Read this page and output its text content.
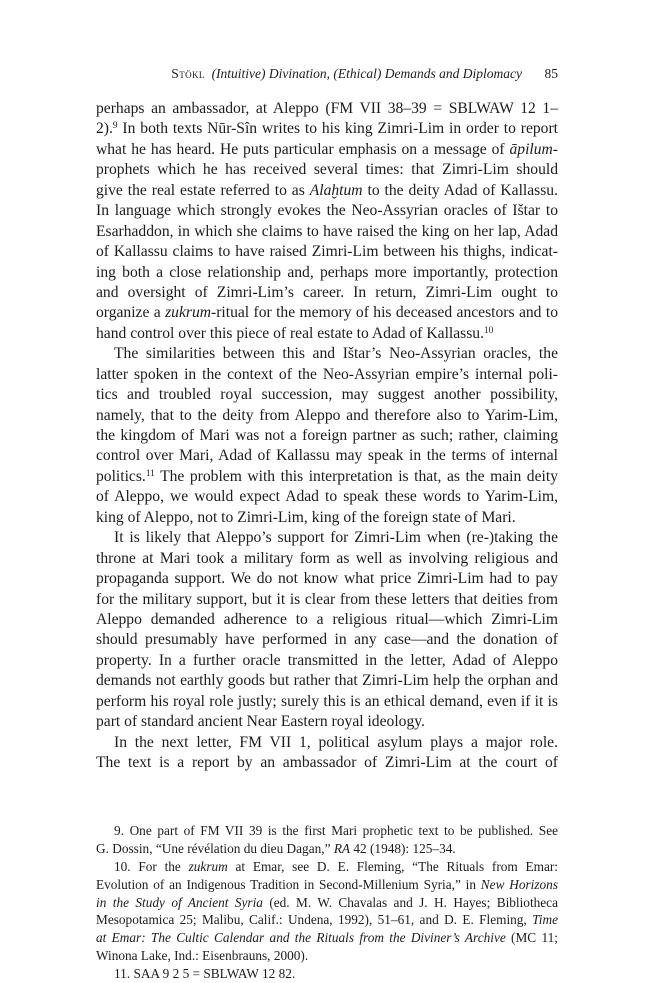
Stökl (Intuitive) Divination, (Ethical) Demands and Diplomacy 85
perhaps an ambassador, at Aleppo (FM VII 38–39 = SBLWAW 12 1–
2).$^9$ In both texts Nūr-Sîn writes to his king Zimri-Lim in order to report
what he has heard. He puts particular emphasis on a message of āpilum-
prophets which he has received several times: that Zimri-Lim should
give the real estate referred to as Alaḫtum to the deity Adad of Kallassu.
In language which strongly evokes the Neo-Assyrian oracles of Ištar to
Esarhaddon, in which she claims to have raised the king on her lap, Adad
of Kallassu claims to have raised Zimri-Lim between his thighs, indicat-
ing both a close relationship and, perhaps more importantly, protection
and oversight of Zimri-Lim’s career. In return, Zimri-Lim ought to
organize a zukrum-ritual for the memory of his deceased ancestors and to
hand control over this piece of real estate to Adad of Kallassu.$^{10}$
The similarities between this and Ištar’s Neo-Assyrian oracles, the
latter spoken in the context of the Neo-Assyrian empire’s internal poli-
tics and troubled royal succession, may suggest another possibility,
namely, that to the deity from Aleppo and therefore also to Yarim-Lim,
the kingdom of Mari was not a foreign partner as such; rather, claiming
control over Mari, Adad of Kallassu may speak in the terms of internal
politics.$^{11}$ The problem with this interpretation is that, as the main deity
of Aleppo, we would expect Adad to speak these words to Yarim-Lim,
king of Aleppo, not to Zimri-Lim, king of the foreign state of Mari.
It is likely that Aleppo’s support for Zimri-Lim when (re-)taking the
throne at Mari took a military form as well as involving religious and
propaganda support. We do not know what price Zimri-Lim had to pay
for the military support, but it is clear from these letters that deities from
Aleppo demanded adherence to a religious ritual—which Zimri-Lim
should presumably have performed in any case—and the donation of
property. In a further oracle transmitted in the letter, Adad of Aleppo
demands not earthly goods but rather that Zimri-Lim help the orphan and
perform his royal role justly; surely this is an ethical demand, even if it is
part of standard ancient Near Eastern royal ideology.
In the next letter, FM VII 1, political asylum plays a major role.
The text is a report by an ambassador of Zimri-Lim at the court of
9. One part of FM VII 39 is the first Mari prophetic text to be published. See
G. Dossin, “Une révélation du dieu Dagan,” RA 42 (1948): 125–34.
10. For the zukrum at Emar, see D. E. Fleming, “The Rituals from Emar:
Evolution of an Indigenous Tradition in Second-Millenium Syria,” in New Horizons
in the Study of Ancient Syria (ed. M. W. Chavalas and J. H. Hayes; Bibliotheca
Mesopotamica 25; Malibu, Calif.: Undena, 1992), 51–61, and D. E. Fleming, Time
at Emar: The Cultic Calendar and the Rituals from the Diviner’s Archive (MC 11;
Winona Lake, Ind.: Eisenbrauns, 2000).
11. SAA 9 2 5 = SBLWAW 12 82.
